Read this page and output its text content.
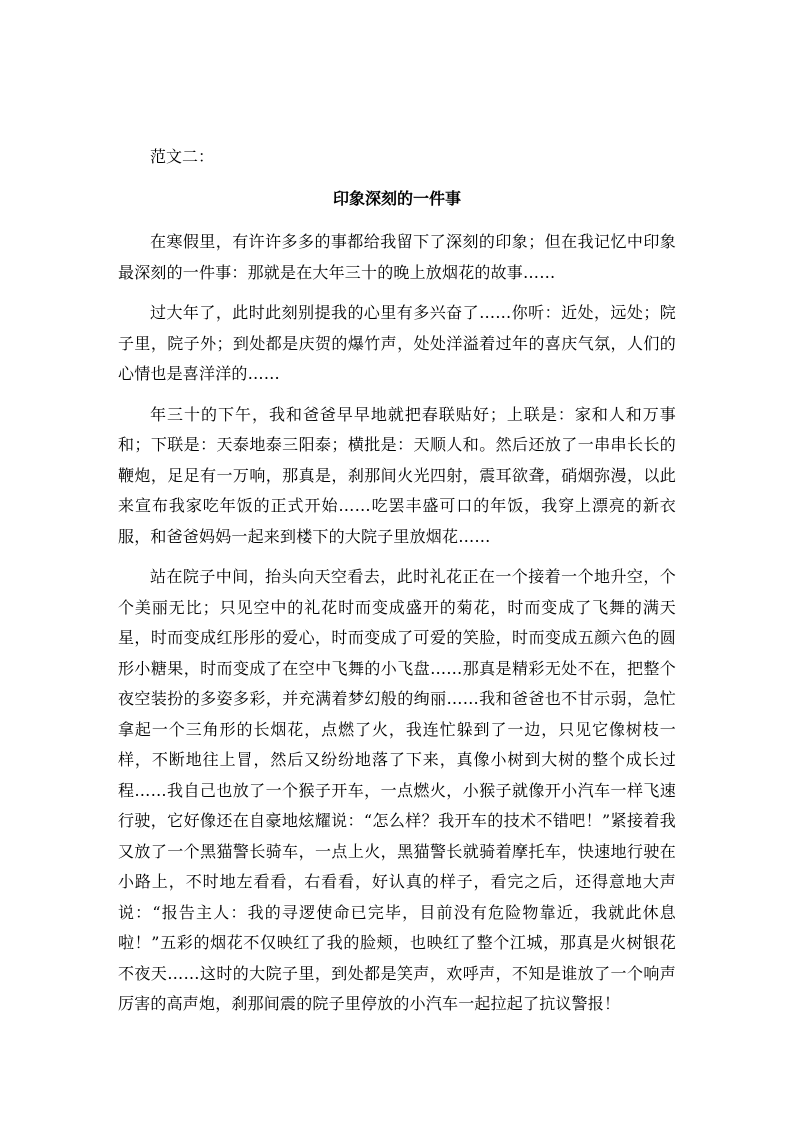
范文二：

印象深刻的一件事

在寒假里，有许许多多的事都给我留下了深刻的印象；但在我记忆中印象最深刻的一件事：那就是在大年三十的晚上放烟花的故事……

过大年了，此时此刻别提我的心里有多兴奋了……你听：近处，远处；院子里，院子外；到处都是庆贺的爆竹声，处处洋溢着过年的喜庆气氛，人们的心情也是喜洋洋的……

年三十的下午，我和爸爸早早地就把春联贴好；上联是：家和人和万事和；下联是：天泰地泰三阳泰；横批是：天顺人和。然后还放了一串串长长的鞭炮，足足有一万响，那真是，刹那间火光四射，震耳欲聋，硝烟弥漫，以此来宣布我家吃年饭的正式开始……吃罢丰盛可口的年饭，我穿上漂亮的新衣服，和爸爸妈妈一起来到楼下的大院子里放烟花……

站在院子中间，抬头向天空看去，此时礼花正在一个接着一个地升空，个个美丽无比；只见空中的礼花时而变成盛开的菊花，时而变成了飞舞的满天星，时而变成红彤彤的爱心，时而变成了可爱的笑脸，时而变成五颜六色的圆形小糖果，时而变成了在空中飞舞的小飞盘……那真是精彩无处不在，把整个夜空装扮的多姿多彩，并充满着梦幻般的绚丽……我和爸爸也不甘示弱，急忙拿起一个三角形的长烟花，点燃了火，我连忙躲到了一边，只见它像树枝一样，不断地往上冒，然后又纷纷地落了下来，真像小树到大树的整个成长过程……我自己也放了一个猴子开车，一点燃火，小猴子就像开小汽车一样飞速行驶，它好像还在自豪地炫耀说：“怎么样？我开车的技术不错吧！”紧接着我又放了一个黑猫警长骑车，一点上火，黑猫警长就骑着摩托车，快速地行驶在小路上，不时地左看看，右看看，好认真的样子，看完之后，还得意地大声说：“报告主人：我的寻逻使命已完毕，目前没有危险物靠近，我就此休息啦！”五彩的烟花不仅映红了我的脸颊，也映红了整个江城，那真是火树银花不夜天……这时的大院子里，到处都是笑声，欢呼声，不知是谁放了一个响声厉害的高声炮，刹那间震的院子里停放的小汽车一起拉起了抗议警报！
